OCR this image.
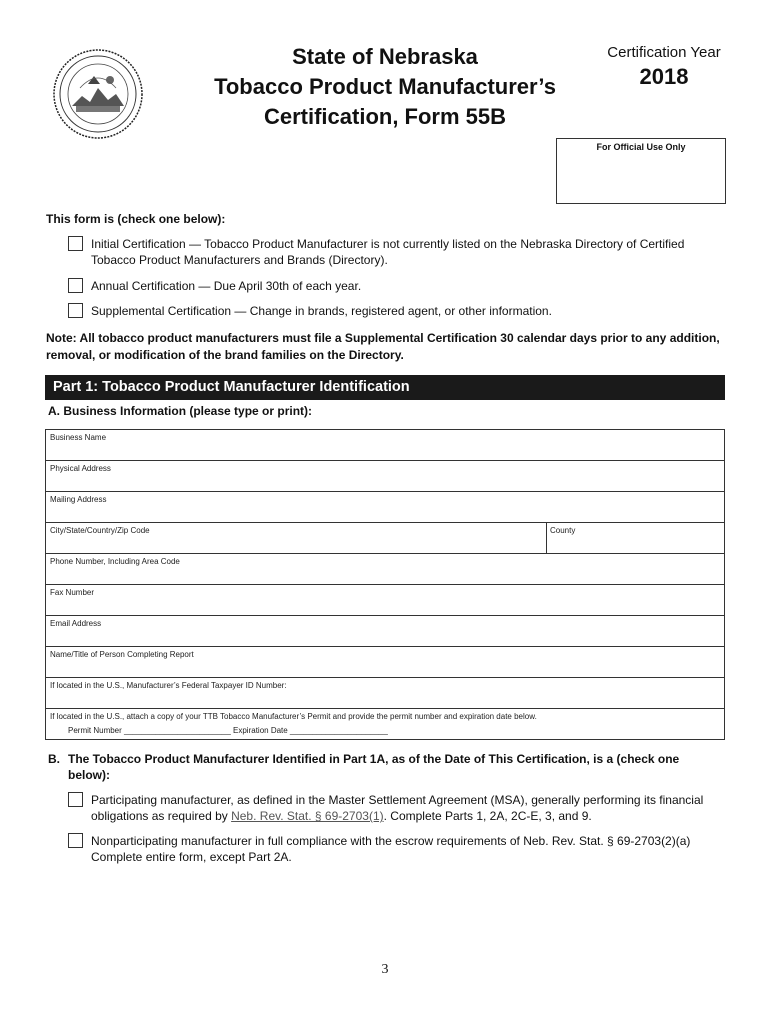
State of Nebraska
Tobacco Product Manufacturer’s
Certification, Form 55B
Certification Year
2018
For Official Use Only
This form is (check one below):
Initial Certification — Tobacco Product Manufacturer is not currently listed on the Nebraska Directory of Certified Tobacco Product Manufacturers and Brands (Directory).
Annual Certification — Due April 30th of each year.
Supplemental Certification — Change in brands, registered agent, or other information.
Note: All tobacco product manufacturers must file a Supplemental Certification 30 calendar days prior to any addition, removal, or modification of the brand families on the Directory.
Part 1: Tobacco Product Manufacturer Identification
A. Business Information (please type or print):
Business Name
Physical Address
Mailing Address
City/State/Country/Zip Code	County
Phone Number, Including Area Code
Fax Number
Email Address
Name/Title of Person Completing Report
If located in the U.S., Manufacturer’s Federal Taxpayer ID Number:
If located in the U.S., attach a copy of your TTB Tobacco Manufacturer’s Permit and provide the permit number and expiration date below.
Permit Number ________________________ Expiration Date ______________________
B. The Tobacco Product Manufacturer Identified in Part 1A, as of the Date of This Certification, is a (check one below):
Participating manufacturer, as defined in the Master Settlement Agreement (MSA), generally performing its financial obligations as required by Neb. Rev. Stat. § 69-2703(1). Complete Parts 1, 2A, 2C-E, 3, and 9.
Nonparticipating manufacturer in full compliance with the escrow requirements of Neb. Rev. Stat. § 69-2703(2)(a) Complete entire form, except Part 2A.
3
